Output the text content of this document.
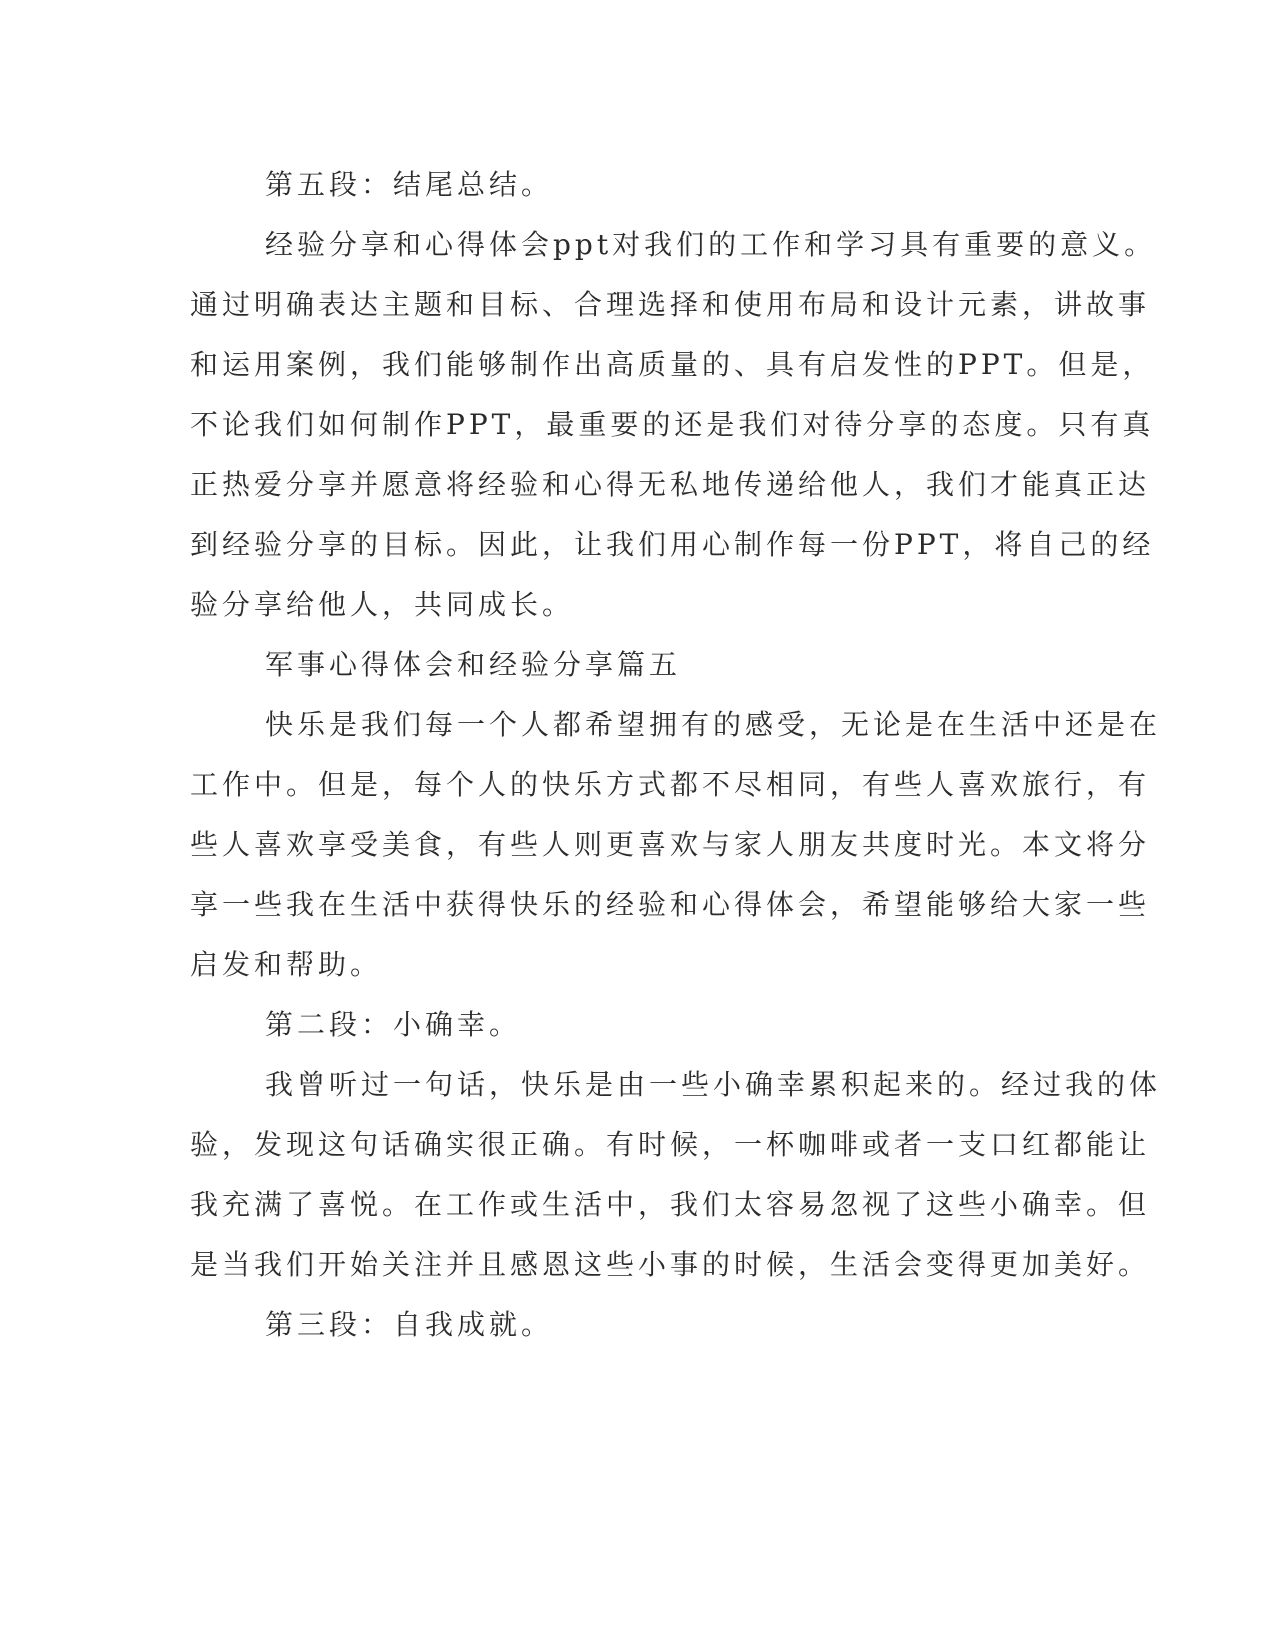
第五段：结尾总结。

经验分享和心得体会ppt对我们的工作和学习具有重要的意义。

通过明确表达主题和目标、合理选择和使用布局和设计元素，讲故事

和运用案例，我们能够制作出高质量的、具有启发性的PPT。但是，

不论我们如何制作PPT，最重要的还是我们对待分享的态度。只有真

正热爱分享并愿意将经验和心得无私地传递给他人，我们才能真正达

到经验分享的目标。因此，让我们用心制作每一份PPT，将自己的经

验分享给他人，共同成长。

军事心得体会和经验分享篇五

快乐是我们每一个人都希望拥有的感受，无论是在生活中还是在

工作中。但是，每个人的快乐方式都不尽相同，有些人喜欢旅行，有

些人喜欢享受美食，有些人则更喜欢与家人朋友共度时光。本文将分

享一些我在生活中获得快乐的经验和心得体会，希望能够给大家一些

启发和帮助。

第二段：小确幸。

我曾听过一句话，快乐是由一些小确幸累积起来的。经过我的体

验，发现这句话确实很正确。有时候，一杯咖啡或者一支口红都能让

我充满了喜悦。在工作或生活中，我们太容易忽视了这些小确幸。但

是当我们开始关注并且感恩这些小事的时候，生活会变得更加美好。

第三段：自我成就。
